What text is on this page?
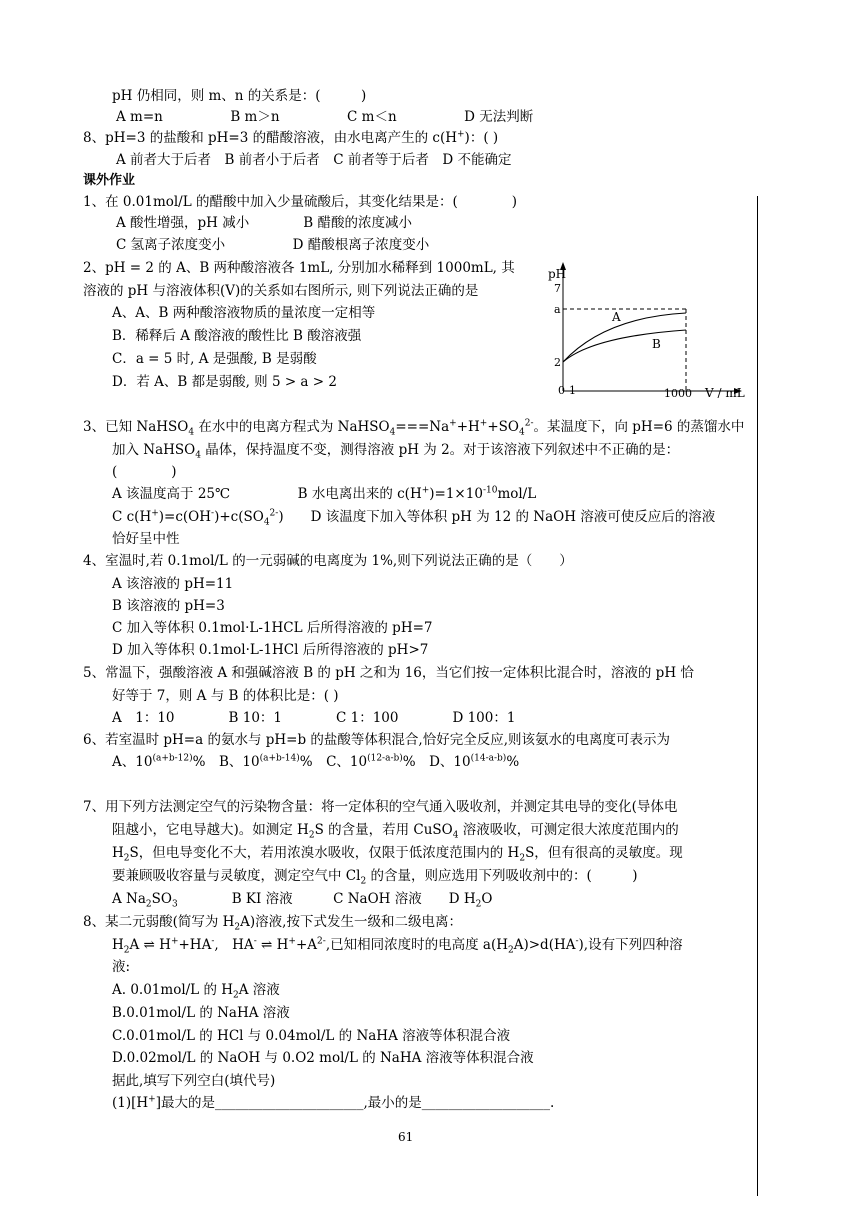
pH 仍相同，则 m、n 的关系是：(　　　)
A m=n　　　　　B m＞n　　　　　C m＜n　　　　　D 无法判断
8、pH=3 的盐酸和 pH=3 的醋酸溶液，由水电离产生的 c(H+)：( )
A 前者大于后者　B 前者小于后者　C 前者等于后者　D 不能确定
课外作业
1、在 0.01mol/L 的醋酸中加入少量硫酸后，其变化结果是：(　　　　)
A 酸性增强，pH 减小　　　　B 醋酸的浓度减小
C 氢离子浓度变小　　　　　D 醋酸根离子浓度变小
2、pH = 2 的 A、B 两种酸溶液各 1mL, 分别加水稀释到 1000mL, 其
溶液的 pH 与溶液体积(V)的关系如右图所示, 则下列说法正确的是
A、A、B 两种酸溶液物质的量浓度一定相等
B．稀释后 A 酸溶液的酸性比 B 酸溶液强
C．a = 5 时, A 是强酸, B 是弱酸
D．若 A、B 都是弱酸, 则 5 > a > 2
pH
7
a
2
0 1	1000 V / mL
A
B
3、已知 NaHSO$_4$ 在水中的电离方程式为 $NaHSO_4===Na^++H^++SO_4^{2-}$。某温度下，向 pH=6 的蒸馏水中
加入 NaHSO$_4$ 晶体，保持温度不变，测得溶液 pH 为 2。对于该溶液下列叙述中不正确的是：
(　　　　)
A 该温度高于 25℃　　　　　B 水电离出来的 $c(H^+)=1\times 10^{-10}mol/L$
C $c(H^+)=c(OH^-)+c(SO_4^{2-})$　　D 该温度下加入等体积 pH 为 12 的 NaOH 溶液可使反应后的溶液
恰好呈中性
4、室温时,若 0.1mol/L 的一元弱碱的电离度为 1%,则下列说法正确的是（　　）
A 该溶液的 pH=11
B 该溶液的 pH=3
C 加入等体积 0.1mol·L-1HCL 后所得溶液的 pH=7
D 加入等体积 0.1mol·L-1HCl 后所得溶液的 pH>7
5、常温下，强酸溶液 A 和强碱溶液 B 的 pH 之和为 16，当它们按一定体积比混合时，溶液的 pH 恰
好等于 7，则 A 与 B 的体积比是：( )
A　1：10　　　　B 10：1　　　　C 1：100　　　　D 100：1
6、若室温时 pH=a 的氨水与 pH=b 的盐酸等体积混合,恰好完全反应,则该氨水的电离度可表示为
A、$10^{(a+b-12)}\%$　B、$10^{(a+b-14)}\%$　C、10$^{(12-a-b)}$%　D、10$^{(14-a-b)}$%
7、用下列方法测定空气的污染物含量：将一定体积的空气通入吸收剂，并测定其电导的变化(导体电
阻越小，它电导越大)。如测定 $H_2S$ 的含量，若用 CuSO$_4$ 溶液吸收，可测定很大浓度范围内的
$H_2S$，但电导变化不大，若用浓溴水吸收，仅限于低浓度范围内的 $H_2S$，但有很高的灵敏度。现
要兼顾吸收容量与灵敏度，测定空气中 $Cl_2$ 的含量，则应选用下列吸收剂中的：(　　　)
A $Na_2SO_3$　　　　B KI 溶液　　　C NaOH 溶液　　D $H_2O$
8、某二元弱酸(简写为 $H_2A$)溶液,按下式发生一级和二级电离：
$H_2A$ ⇌ H++HA-,　HA- ⇌ $H^++A^{2-}$,已知相同浓度时的电高度 $a(H_2A)>d(HA^-)$,设有下列四种溶
液:
A. 0.01mol/L 的 $H_2A$ 溶液
B.0.01mol/L 的 NaHA 溶液
C.0.01mol/L 的 HCl 与 0.04mol/L 的 NaHA 溶液等体积混合液
D.0.02mol/L 的 NaOH 与 0.O2 mol/L 的 NaHA 溶液等体积混合液
据此,填写下列空白(填代号)
(1)[H+]最大的是______________________,最小的是___________________.
61
